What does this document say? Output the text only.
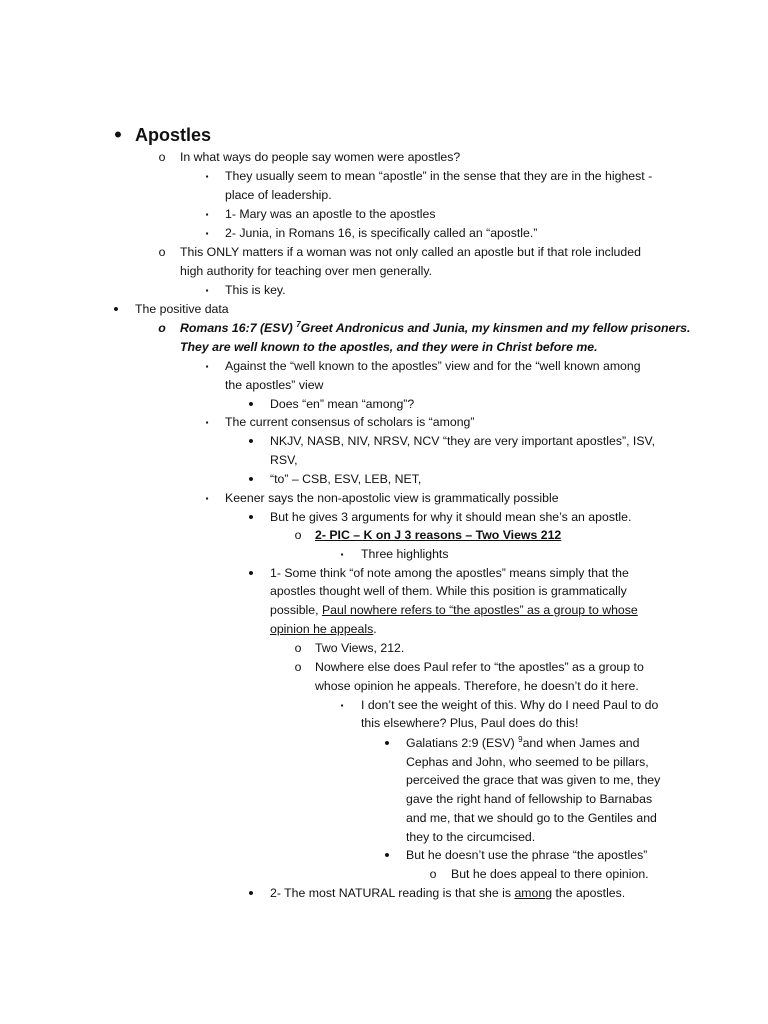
• Apostles
o In what ways do people say women were apostles?
▪	They usually seem to mean “apostle” in the sense that they are in the highest -
place of leadership.
▪	1- Mary was an apostle to the apostles
▪	2- Junia, in Romans 16, is specifically called an “apostle.”
o This ONLY matters if a woman was not only called an apostle but if that role included
high authority for teaching over men generally.
▪	This is key.
• The positive data
o Romans 16:7 (ESV) $^7$Greet Andronicus and Junia, my kinsmen and my fellow prisoners.
They are well known to the apostles, and they were in Christ before me.
▪	Against the “well known to the apostles” view and for the “well known among
the apostles” view
• Does “en” mean “among”?
▪	The current consensus of scholars is “among”
• NKJV, NASB, NIV, NRSV, NCV “they are very important apostles”, ISV,
RSV,
• “to” – CSB, ESV, LEB, NET,
▪	Keener says the non-apostolic view is grammatically possible
• But he gives 3 arguments for why it should mean she’s an apostle.
o 2- PIC – K on J 3 reasons – Two Views 212
▪	Three highlights
• 1- Some think “of note among the apostles” means simply that the
apostles thought well of them. While this position is grammatically
possible, Paul nowhere refers to “the apostles” as a group to whose
opinion he appeals.
o Two Views, 212.
o Nowhere else does Paul refer to “the apostles” as a group to
whose opinion he appeals. Therefore, he doesn’t do it here.
▪	I don’t see the weight of this. Why do I need Paul to do
this elsewhere? Plus, Paul does do this!
• Galatians 2:9 (ESV) $^9$and when James and
Cephas and John, who seemed to be pillars,
perceived the grace that was given to me, they
gave the right hand of fellowship to Barnabas
and me, that we should go to the Gentiles and
they to the circumcised.
• But he doesn’t use the phrase “the apostles”
o But he does appeal to there opinion.
• 2- The most NATURAL reading is that she is among the apostles.
